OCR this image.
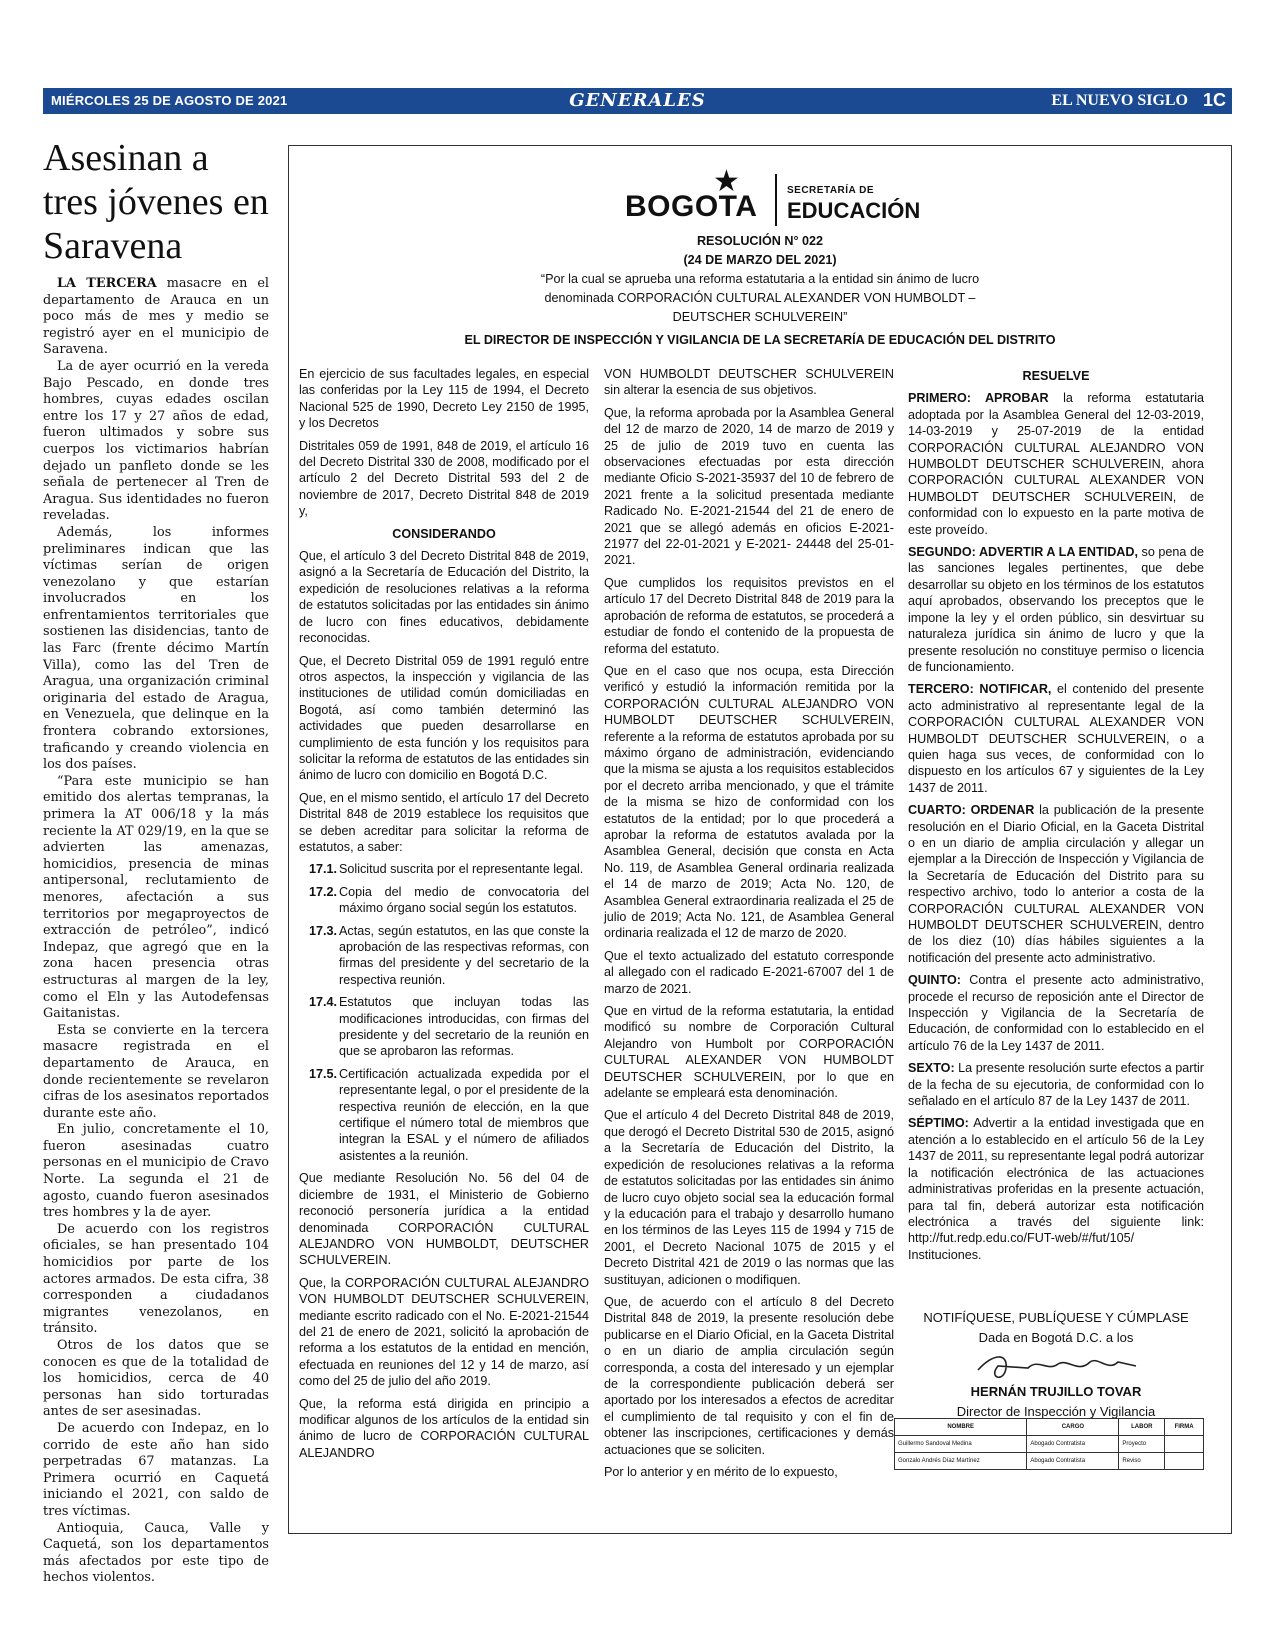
MIÉRCOLES 25 DE AGOSTO DE 2021	GENERALES	EL NUEVO SIGLO 1C
Asesinan a tres jóvenes en Saravena

LA TERCERA masacre en el departamento de Arauca en un poco más de mes y medio se registró ayer en el municipio de Saravena.

La de ayer ocurrió en la vereda Bajo Pescado, en donde tres hombres, cuyas edades oscilan entre los 17 y 27 años de edad, fueron ultimados y sobre sus cuerpos los victimarios habrían dejado un panfleto donde se les señala de pertenecer al Tren de Aragua. Sus identidades no fueron reveladas.

Además, los informes preliminares indican que las víctimas serían de origen venezolano y que estarían involucrados en los enfrentamientos territoriales que sostienen las disidencias, tanto de las Farc (frente décimo Martín Villa), como las del Tren de Aragua, una organización criminal originaria del estado de Aragua, en Venezuela, que delinque en la frontera cobrando extorsiones, traficando y creando violencia en los dos países.

“Para este municipio se han emitido dos alertas tempranas, la primera la AT 006/18 y la más reciente la AT 029/19, en la que se advierten las amenazas, homicidios, presencia de minas antipersonal, reclutamiento de menores, afectación a sus territorios por megaproyectos de extracción de petróleo”, indicó Indepaz, que agregó que en la zona hacen presencia otras estructuras al margen de la ley, como el Eln y las Autodefensas Gaitanistas.

Esta se convierte en la tercera masacre registrada en el departamento de Arauca, en donde recientemente se revelaron cifras de los asesinatos reportados durante este año.

En julio, concretamente el 10, fueron asesinadas cuatro personas en el municipio de Cravo Norte. La segunda el 21 de agosto, cuando fueron asesinados tres hombres y la de ayer.

De acuerdo con los registros oficiales, se han presentado 104 homicidios por parte de los actores armados. De esta cifra, 38 corresponden a ciudadanos migrantes venezolanos, en tránsito.

Otros de los datos que se conocen es que de la totalidad de los homicidios, cerca de 40 personas han sido torturadas antes de ser asesinadas.

De acuerdo con Indepaz, en lo corrido de este año han sido perpetradas 67 matanzas. La Primera ocurrió en Caquetá iniciando el 2021, con saldo de tres víctimas.

Antioquia, Cauca, Valle y Caquetá, son los departamentos más afectados por este tipo de hechos violentos.

★
BOGOTA	SECRETARÍA DE
EDUCACIÓN
RESOLUCIÓN N° 022
(24 DE MARZO DEL 2021)
“Por la cual se aprueba una reforma estatutaria a la entidad sin ánimo de lucro
denominada CORPORACIÓN CULTURAL ALEXANDER VON HUMBOLDT –
DEUTSCHER SCHULVEREIN”
EL DIRECTOR DE INSPECCIÓN Y VIGILANCIA DE LA SECRETARÍA DE EDUCACIÓN DEL DISTRITO

En ejercicio de sus facultades legales, en especial las conferidas por la Ley 115 de 1994, el Decreto Nacional 525 de 1990, Decreto Ley 2150 de 1995, y los Decretos

Distritales 059 de 1991, 848 de 2019, el artículo 16 del Decreto Distrital 330 de 2008, modificado por el artículo 2 del Decreto Distrital 593 del 2 de noviembre de 2017, Decreto Distrital 848 de 2019 y,

CONSIDERANDO

Que, el artículo 3 del Decreto Distrital 848 de 2019, asignó a la Secretaría de Educación del Distrito, la expedición de resoluciones relativas a la reforma de estatutos solicitadas por las entidades sin ánimo de lucro con fines educativos, debidamente reconocidas.

Que, el Decreto Distrital 059 de 1991 reguló entre otros aspectos, la inspección y vigilancia de las instituciones de utilidad común domiciliadas en Bogotá, así como también determinó las actividades que pueden desarrollarse en cumplimiento de esta función y los requisitos para solicitar la reforma de estatutos de las entidades sin ánimo de lucro con domicilio en Bogotá D.C.

Que, en el mismo sentido, el artículo 17 del Decreto Distrital 848 de 2019 establece los requisitos que se deben acreditar para solicitar la reforma de estatutos, a saber:

17.1. Solicitud suscrita por el representante legal.
17.2. Copia del medio de convocatoria del máximo órgano social según los estatutos.
17.3. Actas, según estatutos, en las que conste la aprobación de las respectivas reformas, con firmas del presidente y del secretario de la respectiva reunión.
17.4. Estatutos que incluyan todas las modificaciones introducidas, con firmas del presidente y del secretario de la reunión en que se aprobaron las reformas.
17.5. Certificación actualizada expedida por el representante legal, o por el presidente de la respectiva reunión de elección, en la que certifique el número total de miembros que integran la ESAL y el número de afiliados asistentes a la reunión.

Que mediante Resolución No. 56 del 04 de diciembre de 1931, el Ministerio de Gobierno reconoció personería jurídica a la entidad denominada CORPORACIÓN CULTURAL ALEJANDRO VON HUMBOLDT, DEUTSCHER SCHULVEREIN.

Que, la CORPORACIÓN CULTURAL ALEJANDRO VON HUMBOLDT DEUTSCHER SCHULVEREIN, mediante escrito radicado con el No. E-2021-21544 del 21 de enero de 2021, solicitó la aprobación de reforma a los estatutos de la entidad en mención, efectuada en reuniones del 12 y 14 de marzo, así como del 25 de julio del año 2019.

Que, la reforma está dirigida en principio a modificar algunos de los artículos de la entidad sin ánimo de lucro de CORPORACIÓN CULTURAL ALEJANDRO

VON HUMBOLDT DEUTSCHER SCHULVEREIN sin alterar la esencia de sus objetivos.

Que, la reforma aprobada por la Asamblea General del 12 de marzo de 2020, 14 de marzo de 2019 y 25 de julio de 2019 tuvo en cuenta las observaciones efectuadas por esta dirección mediante Oficio S-2021-35937 del 10 de febrero de 2021 frente a la solicitud presentada mediante Radicado No. E-2021-21544 del 21 de enero de 2021 que se allegó además en oficios E-2021-21977 del 22-01-2021 y E-2021- 24448 del 25-01-2021.

Que cumplidos los requisitos previstos en el artículo 17 del Decreto Distrital 848 de 2019 para la aprobación de reforma de estatutos, se procederá a estudiar de fondo el contenido de la propuesta de reforma del estatuto.

Que en el caso que nos ocupa, esta Dirección verificó y estudió la información remitida por la CORPORACIÓN CULTURAL ALEJANDRO VON HUMBOLDT DEUTSCHER SCHULVEREIN, referente a la reforma de estatutos aprobada por su máximo órgano de administración, evidenciando que la misma se ajusta a los requisitos establecidos por el decreto arriba mencionado, y que el trámite de la misma se hizo de conformidad con los estatutos de la entidad; por lo que procederá a aprobar la reforma de estatutos avalada por la Asamblea General, decisión que consta en Acta No. 119, de Asamblea General ordinaria realizada el 14 de marzo de 2019; Acta No. 120, de Asamblea General extraordinaria realizada el 25 de julio de 2019; Acta No. 121, de Asamblea General ordinaria realizada el 12 de marzo de 2020.

Que el texto actualizado del estatuto corresponde al allegado con el radicado E-2021-67007 del 1 de marzo de 2021.

Que en virtud de la reforma estatutaria, la entidad modificó su nombre de Corporación Cultural Alejandro von Humbolt por CORPORACIÓN CULTURAL ALEXANDER VON HUMBOLDT DEUTSCHER SCHULVEREIN, por lo que en adelante se empleará esta denominación.

Que el artículo 4 del Decreto Distrital 848 de 2019, que derogó el Decreto Distrital 530 de 2015, asignó a la Secretaría de Educación del Distrito, la expedición de resoluciones relativas a la reforma de estatutos solicitadas por las entidades sin ánimo de lucro cuyo objeto social sea la educación formal y la educación para el trabajo y desarrollo humano en los términos de las Leyes 115 de 1994 y 715 de 2001, el Decreto Nacional 1075 de 2015 y el Decreto Distrital 421 de 2019 o las normas que las sustituyan, adicionen o modifiquen.

Que, de acuerdo con el artículo 8 del Decreto Distrital 848 de 2019, la presente resolución debe publicarse en el Diario Oficial, en la Gaceta Distrital o en un diario de amplia circulación según corresponda, a costa del interesado y un ejemplar de la correspondiente publicación deberá ser aportado por los interesados a efectos de acreditar el cumplimiento de tal requisito y con el fin de obtener las inscripciones, certificaciones y demás actuaciones que se soliciten.

Por lo anterior y en mérito de lo expuesto,

RESUELVE

PRIMERO: APROBAR la reforma estatutaria adoptada por la Asamblea General del 12-03-2019, 14-03-2019 y 25-07-2019 de la entidad CORPORACIÓN CULTURAL ALEJANDRO VON HUMBOLDT DEUTSCHER SCHULVEREIN, ahora CORPORACIÓN CULTURAL ALEXANDER VON HUMBOLDT DEUTSCHER SCHULVEREIN, de conformidad con lo expuesto en la parte motiva de este proveído.

SEGUNDO: ADVERTIR A LA ENTIDAD, so pena de las sanciones legales pertinentes, que debe desarrollar su objeto en los términos de los estatutos aquí aprobados, observando los preceptos que le impone la ley y el orden público, sin desvirtuar su naturaleza jurídica sin ánimo de lucro y que la presente resolución no constituye permiso o licencia de funcionamiento.

TERCERO: NOTIFICAR, el contenido del presente acto administrativo al representante legal de la CORPORACIÓN CULTURAL ALEXANDER VON HUMBOLDT DEUTSCHER SCHULVEREIN, o a quien haga sus veces, de conformidad con lo dispuesto en los artículos 67 y siguientes de la Ley 1437 de 2011.

CUARTO: ORDENAR la publicación de la presente resolución en el Diario Oficial, en la Gaceta Distrital o en un diario de amplia circulación y allegar un ejemplar a la Dirección de Inspección y Vigilancia de la Secretaría de Educación del Distrito para su respectivo archivo, todo lo anterior a costa de la CORPORACIÓN CULTURAL ALEXANDER VON HUMBOLDT DEUTSCHER SCHULVEREIN, dentro de los diez (10) días hábiles siguientes a la notificación del presente acto administrativo.

QUINTO: Contra el presente acto administrativo, procede el recurso de reposición ante el Director de Inspección y Vigilancia de la Secretaría de Educación, de conformidad con lo establecido en el artículo 76 de la Ley 1437 de 2011.

SEXTO: La presente resolución surte efectos a partir de la fecha de su ejecutoria, de conformidad con lo señalado en el artículo 87 de la Ley 1437 de 2011.

SÉPTIMO: Advertir a la entidad investigada que en atención a lo establecido en el artículo 56 de la Ley 1437 de 2011, su representante legal podrá autorizar la notificación electrónica de las actuaciones administrativas proferidas en la presente actuación, para tal fin, deberá autorizar esta notificación electrónica a través del siguiente link: http://fut.redp.edu.co/FUT-web/#/fut/105/ Instituciones.

NOTIFÍQUESE, PUBLÍQUESE Y CÚMPLASE
Dada en Bogotá D.C. a los
HERNÁN TRUJILLO TOVAR
Director de Inspección y Vigilancia
NOMBRE	CARGO	LABOR	FIRMA
Guillermo Sandoval Medina	Abogado Contratista	Proyecto	
Gonzalo Andrés Díaz Martínez	Abogado Contratista	Reviso	
